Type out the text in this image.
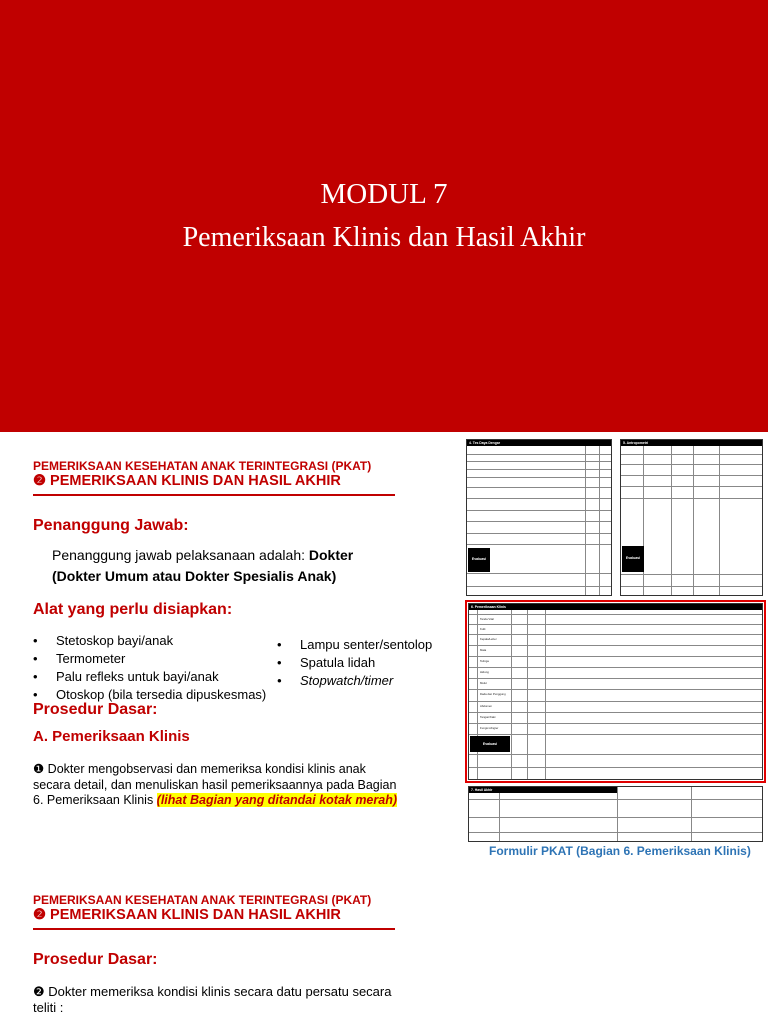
MODUL 7
Pemeriksaan Klinis dan Hasil Akhir
PEMERIKSAAN KESEHATAN ANAK TERINTEGRASI (PKAT)
❷ PEMERIKSAAN KLINIS DAN HASIL AKHIR
Penanggung Jawab:
Penanggung jawab pelaksanaan adalah: Dokter
(Dokter Umum atau Dokter Spesialis Anak)
Alat yang perlu disiapkan:
• Stetoskop bayi/anak
• Termometer
• Palu refleks untuk bayi/anak
• Otoskop (bila tersedia dipuskesmas)
• Lampu senter/sentolop
• Spatula lidah
• Stopwatch/timer
Prosedur Dasar:
A. Pemeriksaan Klinis
❶ Dokter mengobservasi dan memeriksa kondisi klinis anak secara detail, dan menuliskan hasil pemeriksaannya pada Bagian 6. Pemeriksaan Klinis (lihat Bagian yang ditandai kotak merah)
4. Tes Daya Dengar
Evaluasi
5. Antropometri
Evaluasi
6. Pemeriksaan Klinis
Tanda Vital
Kulit
Kepala/Leher
Mata
Telinga
Hidung
Mulut
Dada dan Punggung
Abdomen
Tangan/Kaki
Fungsi sfingter
Evaluasi
7. Hasil Akhir
Formulir PKAT (Bagian 6. Pemeriksaan Klinis)
PEMERIKSAAN KESEHATAN ANAK TERINTEGRASI (PKAT)
❷ PEMERIKSAAN KLINIS DAN HASIL AKHIR
Prosedur Dasar:
❷ Dokter memeriksa kondisi klinis secara datu persatu secara teliti :
